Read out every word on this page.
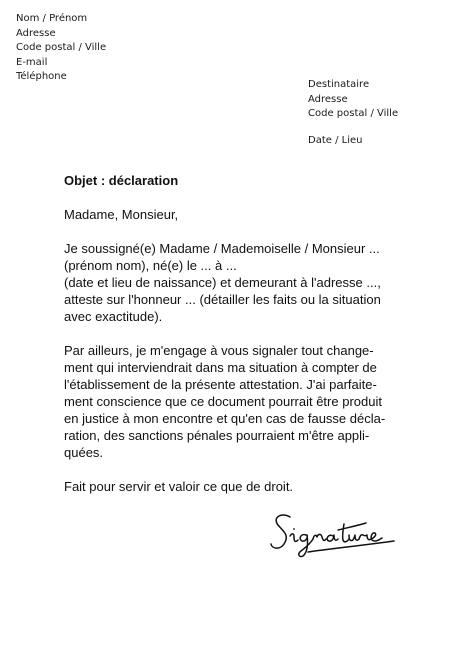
Nom / Prénom
Adresse
Code postal / Ville
E-mail
Téléphone
Destinataire
Adresse
Code postal / Ville
Date / Lieu

Objet : déclaration

Madame, Monsieur,

Je soussigné(e) Madame / Mademoiselle / Monsieur ...
(prénom nom), né(e) le ... à ...
(date et lieu de naissance) et demeurant à l'adresse ...,
atteste sur l'honneur ... (détailler les faits ou la situation
avec exactitude).

Par ailleurs, je m'engage à vous signaler tout change-
ment qui interviendrait dans ma situation à compter de
l'établissement de la présente attestation. J'ai parfaite-
ment conscience que ce document pourrait être produit
en justice à mon encontre et qu'en cas de fausse décla-
ration, des sanctions pénales pourraient m'être appli-
quées.

Fait pour servir et valoir ce que de droit.
